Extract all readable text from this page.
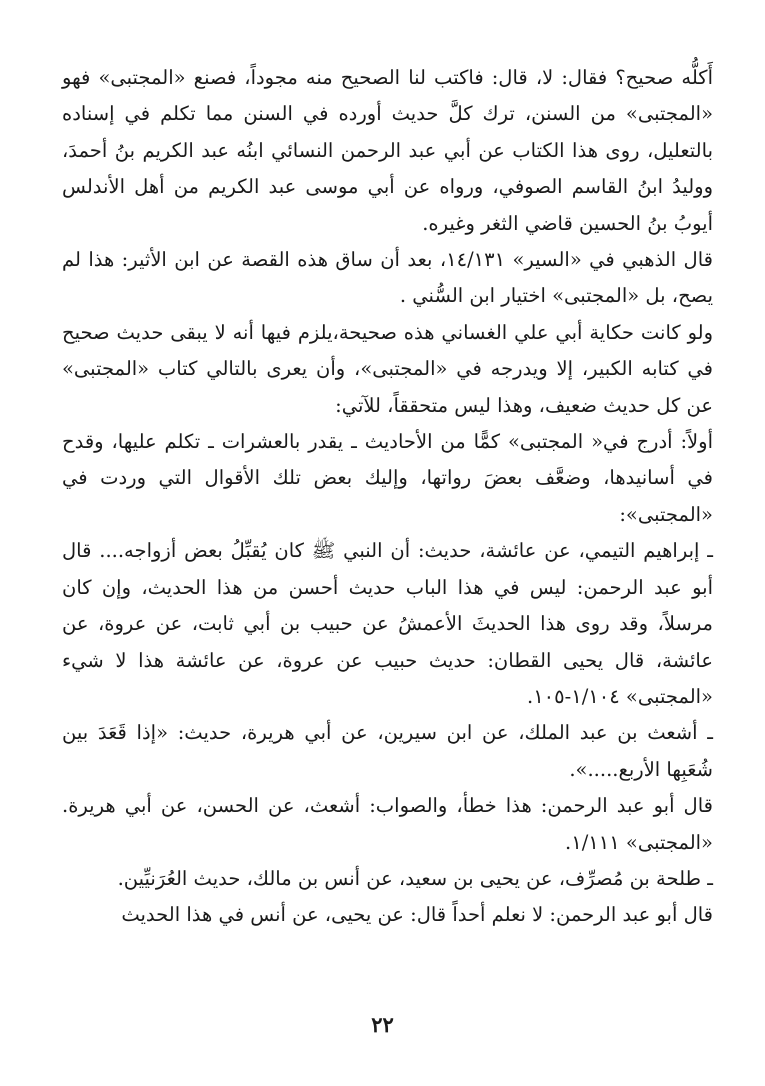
أَكلُّه صحيح؟ فقال: لا، قال: فاكتب لنا الصحيح منه مجوداً، فصنع «المجتبى» فهو «المجتبى» من السنن، ترك كلَّ حديث أورده في السنن مما تكلم في إسناده بالتعليل، روى هذا الكتاب عن أبي عبد الرحمن النسائي ابنُه عبد الكريم بنُ أحمدَ، ووليدُ ابنُ القاسم الصوفي، ورواه عن أبي موسى عبد الكريم من أهل الأندلس أيوبُ بنُ الحسين قاضي الثغر وغيره.

قال الذهبي في «السير» ١٤/١٣١، بعد أن ساق هذه القصة عن ابن الأثير: هذا لم يصح، بل «المجتبى» اختيار ابن السُّني .

ولو كانت حكاية أبي علي الغساني هذه صحيحة،يلزم فيها أنه لا يبقى حديث صحيح في كتابه الكبير، إلا ويدرجه في «المجتبى»، وأن يعرى بالتالي كتاب «المجتبى» عن كل حديث ضعيف، وهذا ليس متحققاً، للآتي:

أولاً: أدرج في« المجتبى» كمًّا من الأحاديث ـ يقدر بالعشرات ـ تكلم عليها، وقدح في أسانيدها، وضعَّف بعضَ رواتها، وإليك بعض تلك الأقوال التي وردت في «المجتبى»:

ـ إبراهيم التيمي، عن عائشة، حديث: أن النبي ﷺ كان يُقبِّلُ بعض أزواجه.... قال أبو عبد الرحمن: ليس في هذا الباب حديث أحسن من هذا الحديث، وإن كان مرسلاً، وقد روى هذا الحديثَ الأعمشُ عن حبيب بن أبي ثابت، عن عروة، عن عائشة، قال يحيى القطان: حديث حبيب عن عروة، عن عائشة هذا لا شيء «المجتبى» ١/١٠٤-١٠٥.

ـ أشعث بن عبد الملك، عن ابن سيرين، عن أبي هريرة، حديث: «إذا قَعَدَ بين شُعَبِها الأربع.....».

قال أبو عبد الرحمن: هذا خطأ، والصواب: أشعث، عن الحسن، عن أبي هريرة. «المجتبى» ١/١١١.

ـ طلحة بن مُصرِّف، عن يحيى بن سعيد، عن أنس بن مالك، حديث العُرَنيِّين.

قال أبو عبد الرحمن: لا نعلم أحداً قال: عن يحيى، عن أنس في هذا الحديث

٢٢
